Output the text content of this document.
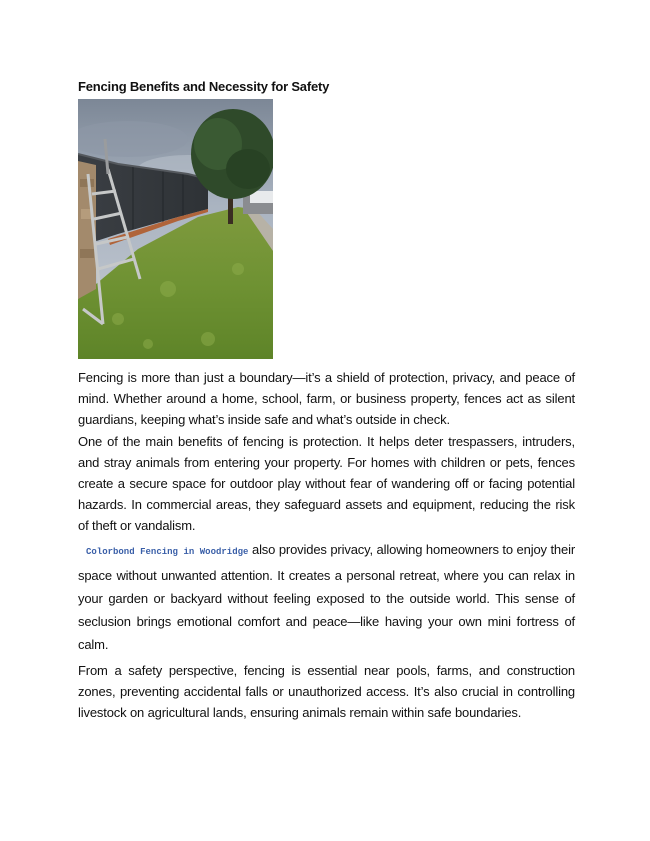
Fencing Benefits and Necessity for Safety

Fencing is more than just a boundary—it’s a shield of protection, privacy, and peace of mind. Whether around a home, school, farm, or business property, fences act as silent guardians, keeping what’s inside safe and what’s outside in check.

One of the main benefits of fencing is protection. It helps deter trespassers, intruders, and stray animals from entering your property. For homes with children or pets, fences create a secure space for outdoor play without fear of wandering off or facing potential hazards. In commercial areas, they safeguard assets and equipment, reducing the risk of theft or vandalism.

Colorbond Fencing in Woodridge also provides privacy, allowing homeowners to enjoy their space without unwanted attention. It creates a personal retreat, where you can relax in your garden or backyard without feeling exposed to the outside world. This sense of seclusion brings emotional comfort and peace—like having your own mini fortress of calm.

From a safety perspective, fencing is essential near pools, farms, and construction zones, preventing accidental falls or unauthorized access. It’s also crucial in controlling livestock on agricultural lands, ensuring animals remain within safe boundaries.
